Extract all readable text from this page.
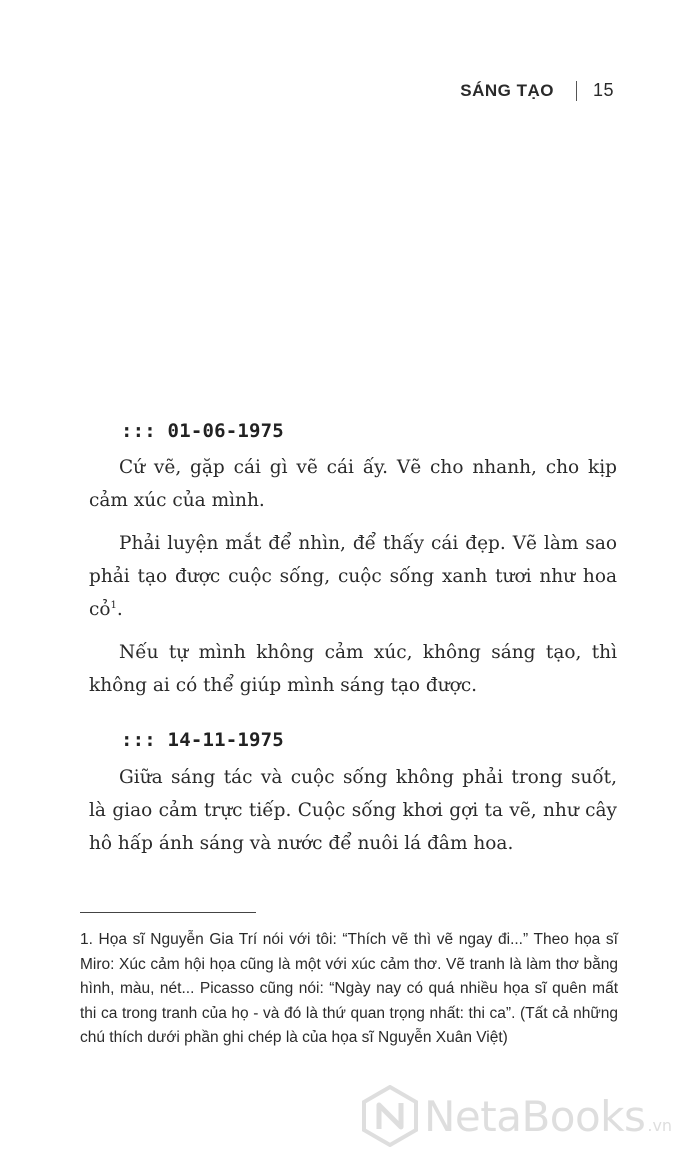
SÁNG TẠO 15
::: 01-06-1975

Cứ vẽ, gặp cái gì vẽ cái ấy. Vẽ cho nhanh, cho kịp cảm xúc của mình.

Phải luyện mắt để nhìn, để thấy cái đẹp. Vẽ làm sao phải tạo được cuộc sống, cuộc sống xanh tươi như hoa cỏ$^1$.

Nếu tự mình không cảm xúc, không sáng tạo, thì không ai có thể giúp mình sáng tạo được.

::: 14-11-1975

Giữa sáng tác và cuộc sống không phải trong suốt, là giao cảm trực tiếp. Cuộc sống khơi gợi ta vẽ, như cây hô hấp ánh sáng và nước để nuôi lá đâm hoa.

1. Họa sĩ Nguyễn Gia Trí nói với tôi: “Thích vẽ thì vẽ ngay đi...” Theo họa sĩ Miro: Xúc cảm hội họa cũng là một với xúc cảm thơ. Vẽ tranh là làm thơ bằng hình, màu, nét... Picasso cũng nói: “Ngày nay có quá nhiều họa sĩ quên mất thi ca trong tranh của họ - và đó là thứ quan trọng nhất: thi ca”. (Tất cả những chú thích dưới phần ghi chép là của họa sĩ Nguyễn Xuân Việt)

NetaBooks .vn
